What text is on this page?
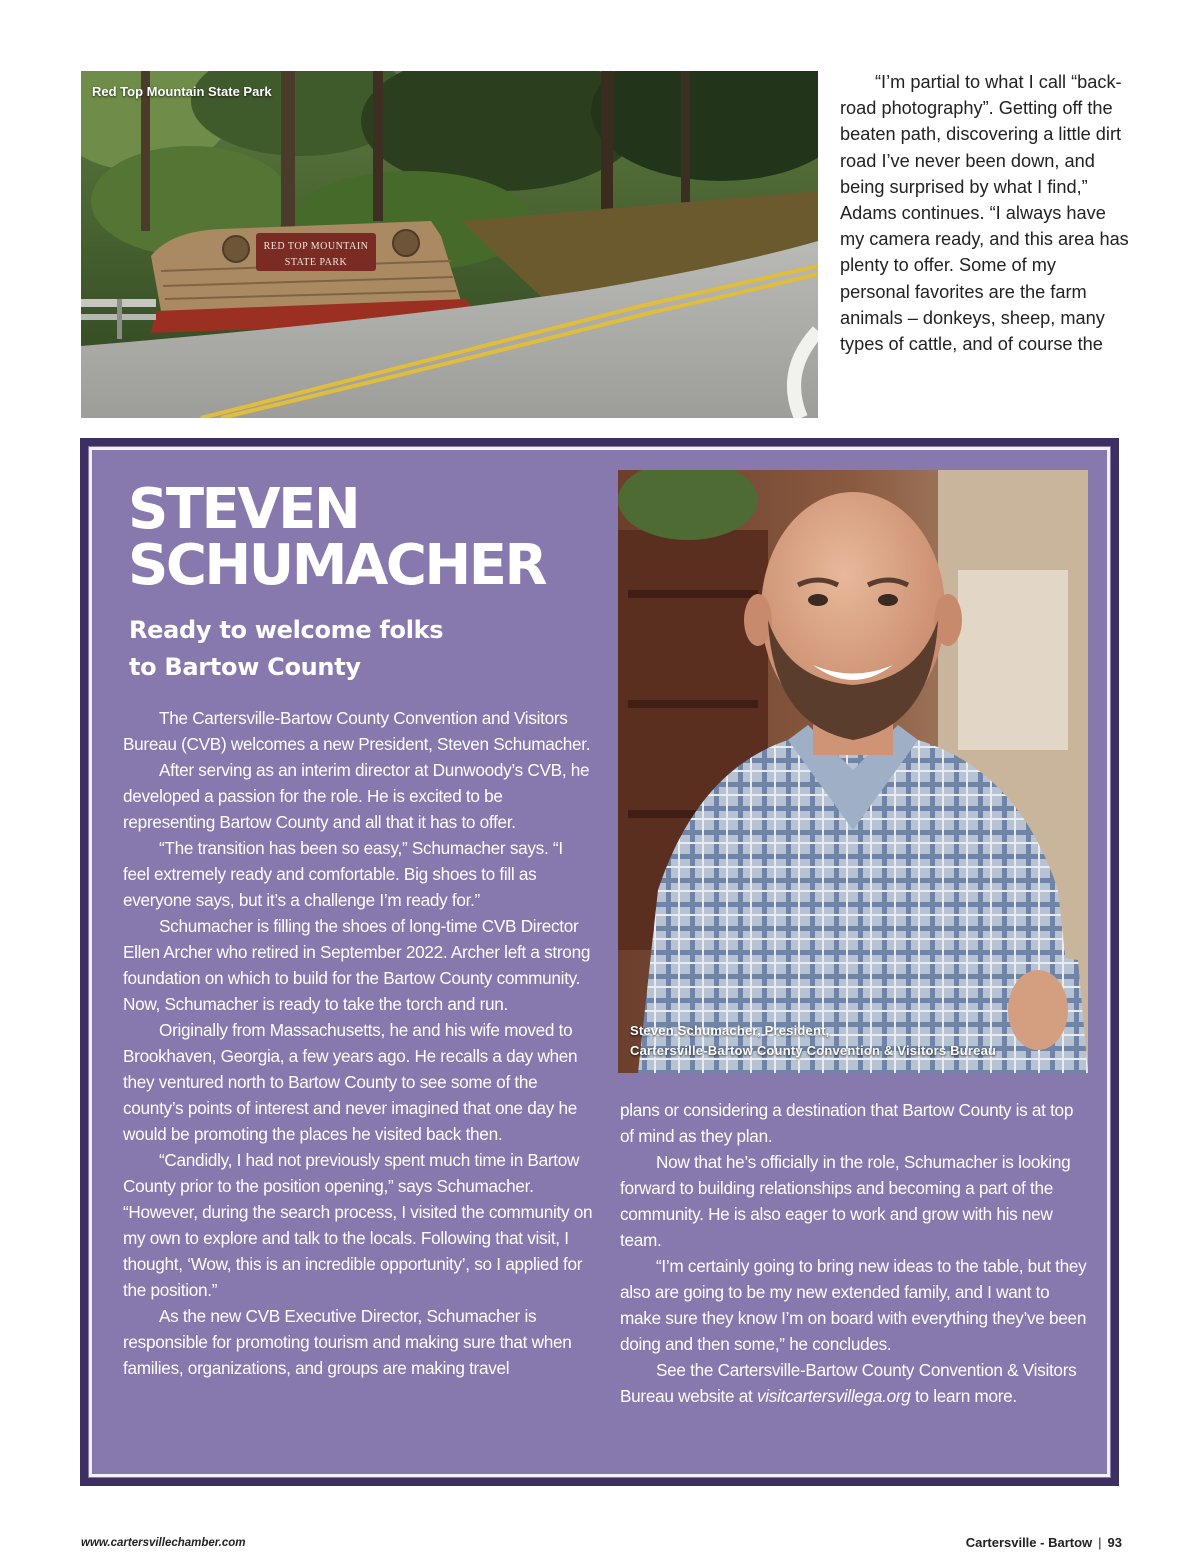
RED TOP MOUNTAIN
STATE PARK
Red Top Mountain State Park	“I’m partial to what I call “back-road photography”. Getting off the beaten path, discovering a little dirt road I’ve never been down, and being surprised by what I find,” Adams continues. “I always have my camera ready, and this area has plenty to offer. Some of my personal favorites are the farm animals – donkeys, sheep, many types of cattle, and of course the

STEVEN
SCHUMACHER
Ready to welcome folks
to Bartow County

The Cartersville-Bartow County Convention and Visitors Bureau (CVB) welcomes a new President, Steven Schumacher.

After serving as an interim director at Dunwoody’s CVB, he developed a passion for the role. He is excited to be representing Bartow County and all that it has to offer.

“The transition has been so easy,” Schumacher says. “I feel extremely ready and comfortable. Big shoes to fill as everyone says, but it’s a challenge I’m ready for.”

Schumacher is filling the shoes of long-time CVB Director Ellen Archer who retired in September 2022. Archer left a strong foundation on which to build for the Bartow County community. Now, Schumacher is ready to take the torch and run.

Originally from Massachusetts, he and his wife moved to Brookhaven, Georgia, a few years ago. He recalls a day when they ventured north to Bartow County to see some of the county’s points of interest and never imagined that one day he would be promoting the places he visited back then.

“Candidly, I had not previously spent much time in Bartow County prior to the position opening,” says Schumacher. “However, during the search process, I visited the community on my own to explore and talk to the locals. Following that visit, I thought, ‘Wow, this is an incredible opportunity’, so I applied for the position.”

As the new CVB Executive Director, Schumacher is responsible for promoting tourism and making sure that when families, organizations, and groups are making travel

Steven Schumacher, President,
Cartersville-Bartow County Convention & Visitors Bureau

plans or considering a destination that Bartow County is at top of mind as they plan.

Now that he’s officially in the role, Schumacher is looking forward to building relationships and becoming a part of the community. He is also eager to work and grow with his new team.

“I’m certainly going to bring new ideas to the table, but they also are going to be my new extended family, and I want to make sure they know I’m on board with everything they’ve been doing and then some,” he concludes.

See the Cartersville-Bartow County Convention & Visitors Bureau website at visitcartersvillega.org to learn more.

www.cartersvillechamber.com	Cartersville - Bartow | 93
